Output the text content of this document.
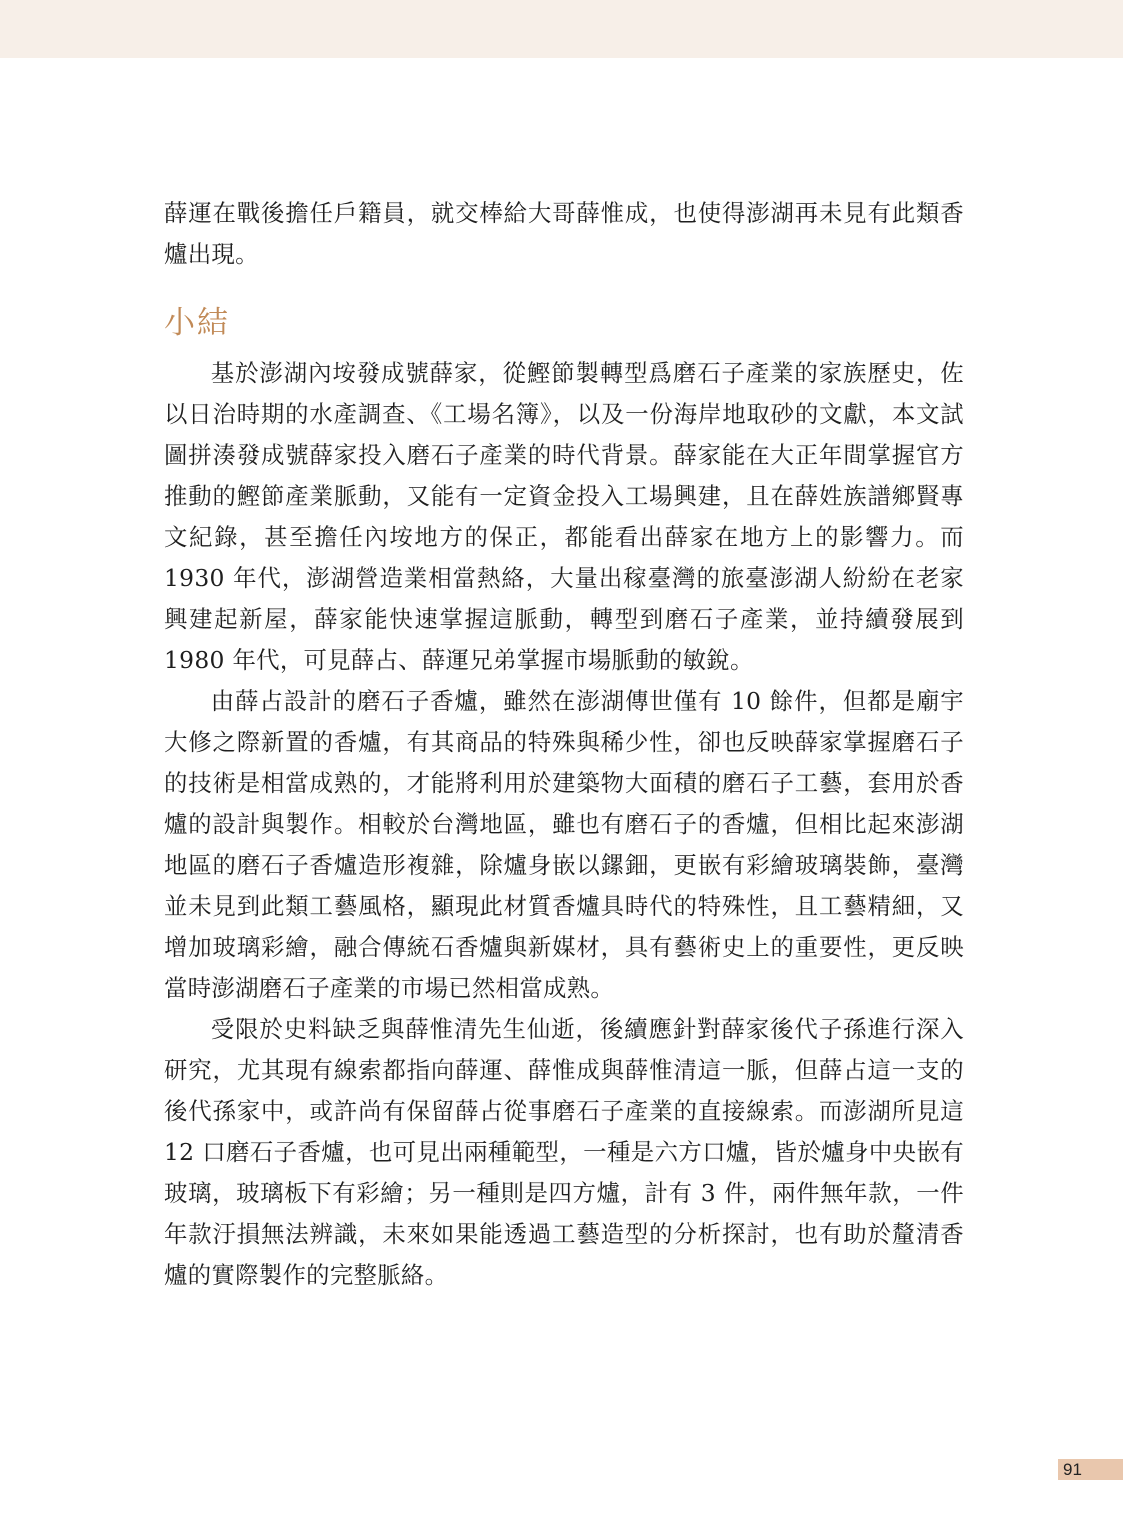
薛運在戰後擔任戶籍員，就交棒給大哥薛惟成，也使得澎湖再未見有此類香爐出現。

小結

基於澎湖內垵發成號薛家，從鰹節製轉型爲磨石子產業的家族歷史，佐以日治時期的水產調查、《工場名簿》，以及一份海岸地取砂的文獻，本文試圖拼湊發成號薛家投入磨石子產業的時代背景。薛家能在大正年間掌握官方推動的鰹節產業脈動，又能有一定資金投入工場興建，且在薛姓族譜鄉賢專文紀錄，甚至擔任內垵地方的保正，都能看出薛家在地方上的影響力。而 1930 年代，澎湖營造業相當熱絡，大量出稼臺灣的旅臺澎湖人紛紛在老家興建起新屋，薛家能快速掌握這脈動，轉型到磨石子產業，並持續發展到 1980 年代，可見薛占、薛運兄弟掌握市場脈動的敏銳。

由薛占設計的磨石子香爐，雖然在澎湖傳世僅有 10 餘件，但都是廟宇大修之際新置的香爐，有其商品的特殊與稀少性，卻也反映薛家掌握磨石子的技術是相當成熟的，才能將利用於建築物大面積的磨石子工藝，套用於香爐的設計與製作。相較於台灣地區，雖也有磨石子的香爐，但相比起來澎湖地區的磨石子香爐造形複雜，除爐身嵌以鏍鈿，更嵌有彩繪玻璃裝飾，臺灣並未見到此類工藝風格，顯現此材質香爐具時代的特殊性，且工藝精細，又增加玻璃彩繪，融合傳統石香爐與新媒材，具有藝術史上的重要性，更反映當時澎湖磨石子產業的市場已然相當成熟。

受限於史料缺乏與薛惟清先生仙逝，後續應針對薛家後代子孫進行深入研究，尤其現有線索都指向薛運、薛惟成與薛惟清這一脈，但薛占這一支的後代孫家中，或許尚有保留薛占從事磨石子產業的直接線索。而澎湖所見這 12 口磨石子香爐，也可見出兩種範型，一種是六方口爐，皆於爐身中央嵌有玻璃，玻璃板下有彩繪；另一種則是四方爐，計有 3 件，兩件無年款，一件年款汙損無法辨識，未來如果能透過工藝造型的分析探討，也有助於釐清香爐的實際製作的完整脈絡。

91
